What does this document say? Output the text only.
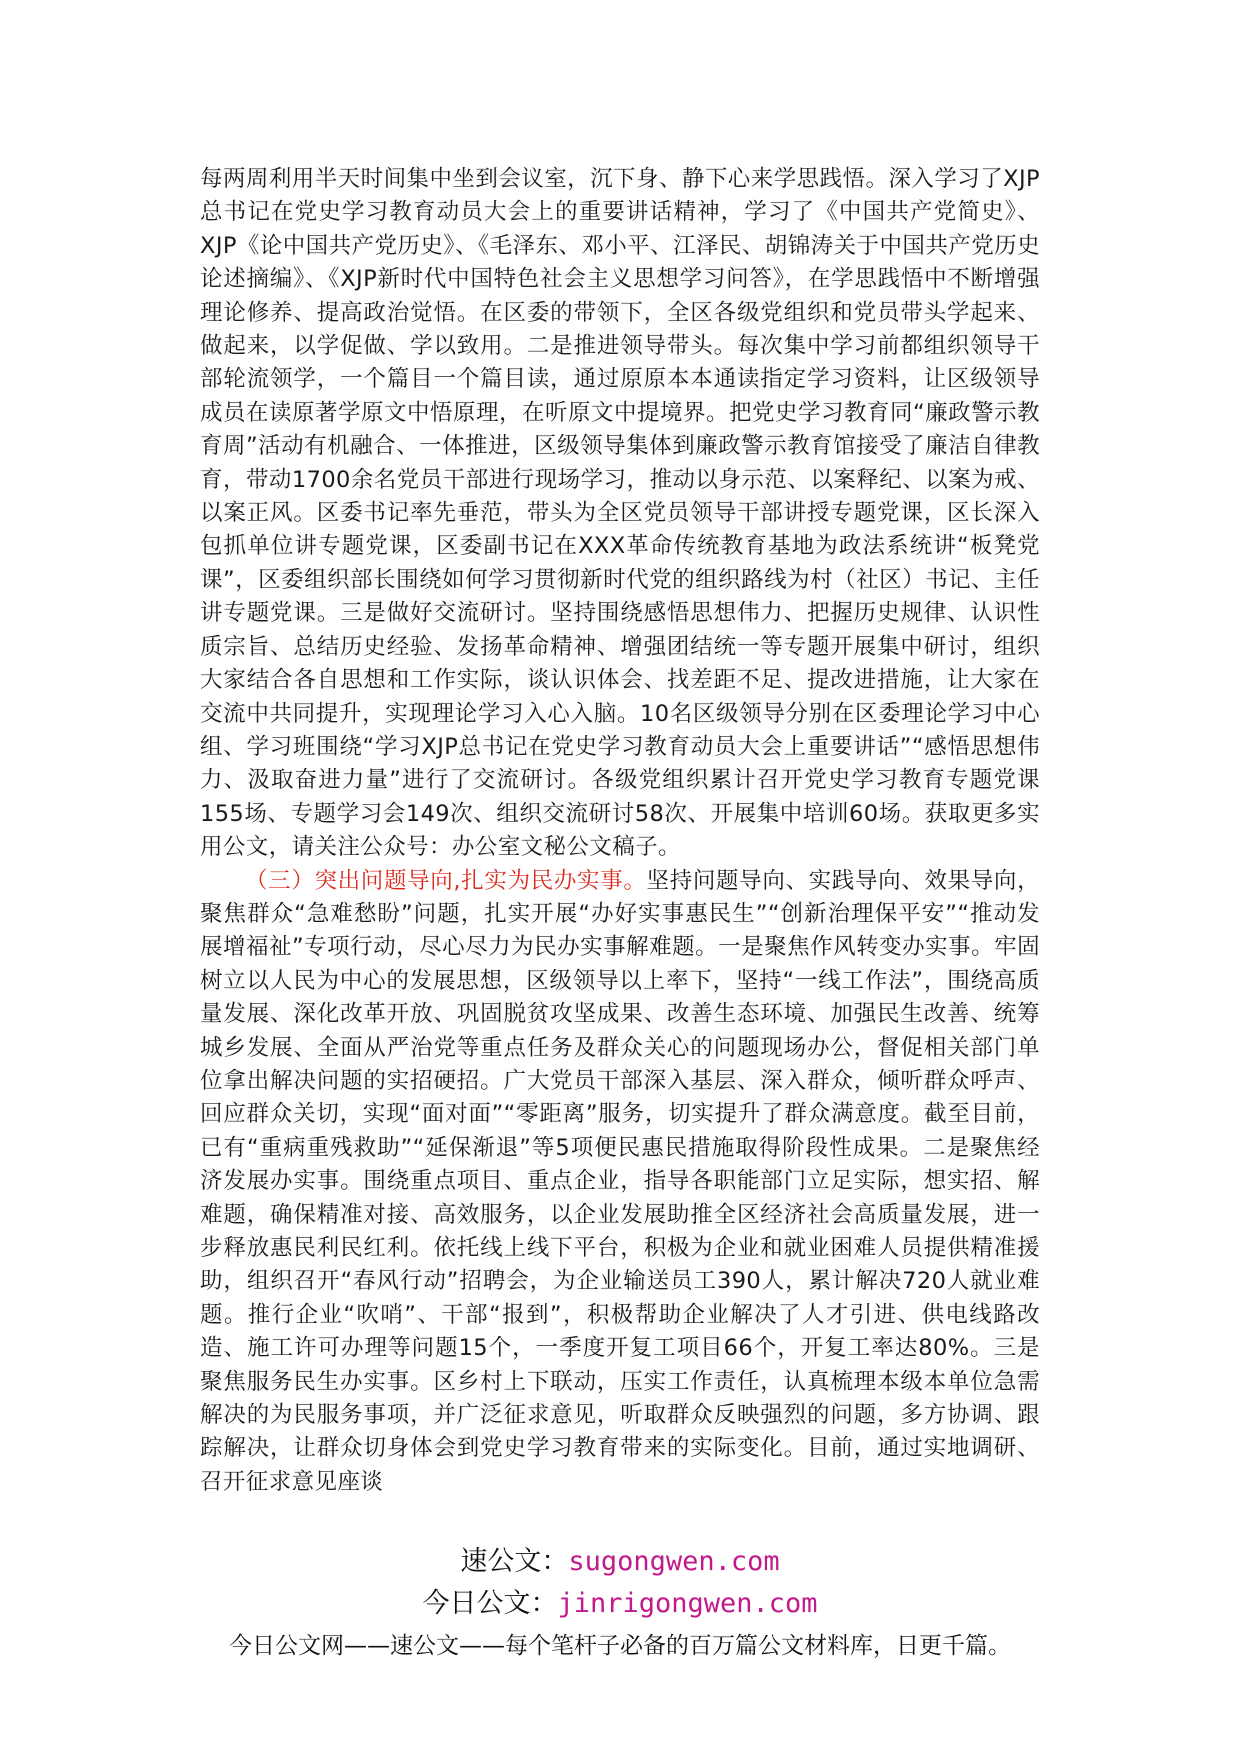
每两周利用半天时间集中坐到会议室，沉下身、静下心来学思践悟。深入学习了XJP总书记在党史学习教育动员大会上的重要讲话精神，学习了《中国共产党简史》、XJP《论中国共产党历史》、《毛泽东、邓小平、江泽民、胡锦涛关于中国共产党历史论述摘编》、《XJP新时代中国特色社会主义思想学习问答》，在学思践悟中不断增强理论修养、提高政治觉悟。在区委的带领下，全区各级党组织和党员带头学起来、做起来，以学促做、学以致用。二是推进领导带头。每次集中学习前都组织领导干部轮流领学，一个篇目一个篇目读，通过原原本本通读指定学习资料，让区级领导成员在读原著学原文中悟原理，在听原文中提境界。把党史学习教育同“廉政警示教育周”活动有机融合、一体推进，区级领导集体到廉政警示教育馆接受了廉洁自律教育，带动1700余名党员干部进行现场学习，推动以身示范、以案释纪、以案为戒、以案正风。区委书记率先垂范，带头为全区党员领导干部讲授专题党课，区长深入包抓单位讲专题党课，区委副书记在XXX革命传统教育基地为政法系统讲“板凳党课”，区委组织部长围绕如何学习贯彻新时代党的组织路线为村（社区）书记、主任讲专题党课。三是做好交流研讨。坚持围绕感悟思想伟力、把握历史规律、认识性质宗旨、总结历史经验、发扬革命精神、增强团结统一等专题开展集中研讨，组织大家结合各自思想和工作实际，谈认识体会、找差距不足、提改进措施，让大家在交流中共同提升，实现理论学习入心入脑。10名区级领导分别在区委理论学习中心组、学习班围绕“学习XJP总书记在党史学习教育动员大会上重要讲话”“感悟思想伟力、汲取奋进力量”进行了交流研讨。各级党组织累计召开党史学习教育专题党课155场、专题学习会149次、组织交流研讨58次、开展集中培训60场。获取更多实用公文，请关注公众号：办公室文秘公文稿子。

（三）突出问题导向,扎实为民办实事。坚持问题导向、实践导向、效果导向，聚焦群众“急难愁盼”问题，扎实开展“办好实事惠民生”“创新治理保平安”“推动发展增福祉”专项行动，尽心尽力为民办实事解难题。一是聚焦作风转变办实事。牢固树立以人民为中心的发展思想，区级领导以上率下，坚持“一线工作法”，围绕高质量发展、深化改革开放、巩固脱贫攻坚成果、改善生态环境、加强民生改善、统筹城乡发展、全面从严治党等重点任务及群众关心的问题现场办公，督促相关部门单位拿出解决问题的实招硬招。广大党员干部深入基层、深入群众，倾听群众呼声、回应群众关切，实现“面对面”“零距离”服务，切实提升了群众满意度。截至目前，已有“重病重残救助”“延保渐退”等5项便民惠民措施取得阶段性成果。二是聚焦经济发展办实事。围绕重点项目、重点企业，指导各职能部门立足实际，想实招、解难题，确保精准对接、高效服务，以企业发展助推全区经济社会高质量发展，进一步释放惠民利民红利。依托线上线下平台，积极为企业和就业困难人员提供精准援助，组织召开“春风行动”招聘会，为企业输送员工390人，累计解决720人就业难题。推行企业“吹哨”、干部“报到”，积极帮助企业解决了人才引进、供电线路改造、施工许可办理等问题15个，一季度开复工项目66个，开复工率达80%。三是聚焦服务民生办实事。区乡村上下联动，压实工作责任，认真梳理本级本单位急需解决的为民服务事项，并广泛征求意见，听取群众反映强烈的问题，多方协调、跟踪解决，让群众切身体会到党史学习教育带来的实际变化。目前，通过实地调研、召开征求意见座谈

速公文：sugongwen.com
今日公文：jinrigongwen.com
今日公文网——速公文——每个笔杆子必备的百万篇公文材料库，日更千篇。
